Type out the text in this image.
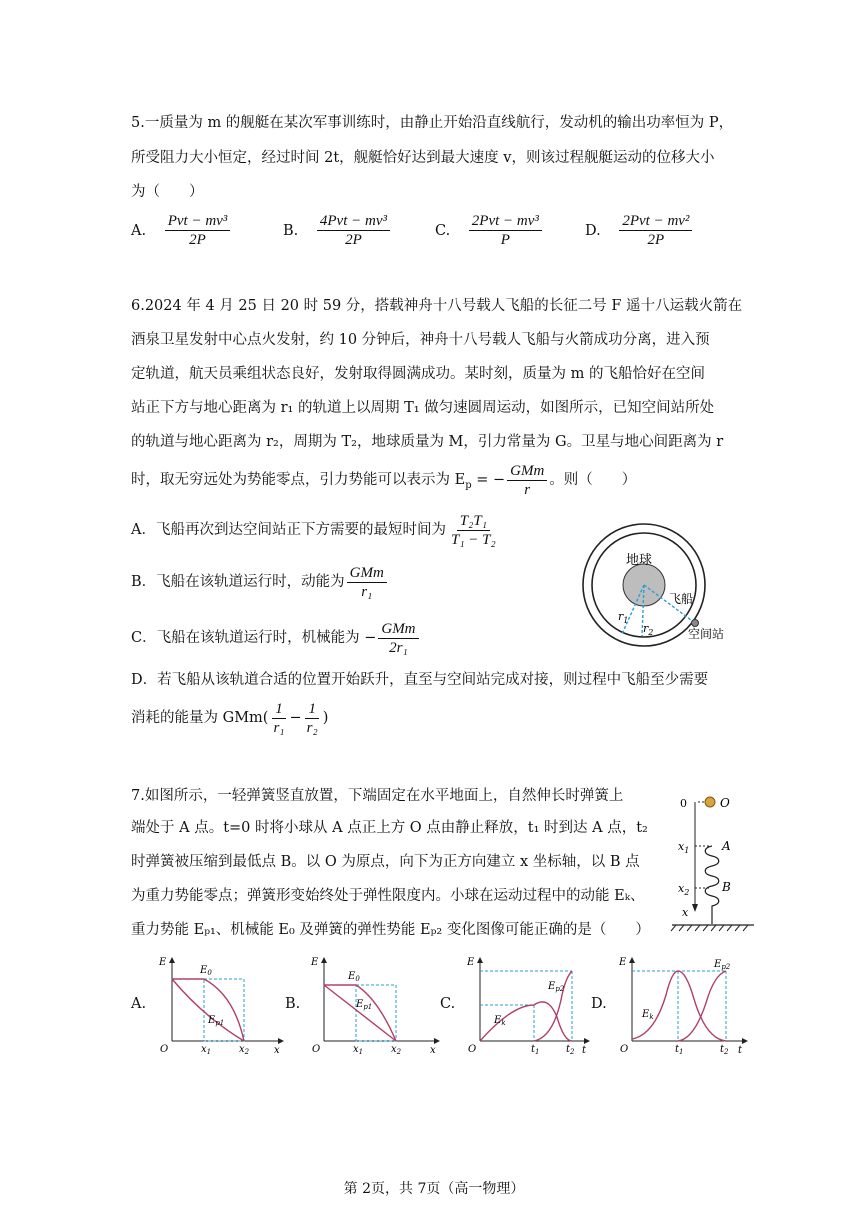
5.一质量为 m 的舰艇在某次军事训练时，由静止开始沿直线航行，发动机的输出功率恒为 P，
所受阻力大小恒定，经过时间 2t，舰艇恰好达到最大速度 v，则该过程舰艇运动的位移大小
为（　　）
A. $\frac{\text{Pvt − mv³}}{2P}$	B. $\frac{\text{4Pvt − mv³}}{2P}$	C. $\frac{\text{2Pvt − mv³}}{P}$	D. $\frac{\text{2Pvt − mv²}}{2P}$
6.2024 年 4 月 25 日 20 时 59 分，搭载神舟十八号载人飞船的长征二号 F 遥十八运载火箭在
酒泉卫星发射中心点火发射，约 10 分钟后，神舟十八号载人飞船与火箭成功分离，进入预
定轨道，航天员乘组状态良好，发射取得圆满成功。某时刻，质量为 m 的飞船恰好在空间
站正下方与地心距离为 r₁ 的轨道上以周期 T₁ 做匀速圆周运动，如图所示，已知空间站所处
的轨道与地心距离为 r₂，周期为 T₂，地球质量为 M，引力常量为 G。卫星与地心间距离为 r
时，取无穷远处为势能零点，引力势能可以表示为 $E_p$ = − $\frac{\text{GMm}}{r}$ 。则（　　）
A．飞船再次到达空间站正下方需要的最短时间为 $\frac{\text{T₂T₁}}{\text{T₁ − T₂}}$
B．飞船在该轨道运行时，动能为 $\frac{\text{GMm}}{\text{r₁}}$
C．飞船在该轨道运行时，机械能为 − $\frac{\text{GMm}}{\text{2r₁}}$
D．若飞船从该轨道合适的位置开始跃升，直至与空间站完成对接，则过程中飞船至少需要
消耗的能量为 $GMm( \frac{1}{\text{r₁}} - \frac{1}{\text{r₂}}$ )
地球
飞船
空间站
$r_1$
$r_2$
7.如图所示，一轻弹簧竖直放置，下端固定在水平地面上，自然伸长时弹簧上
端处于 A 点。t=0 时将小球从 A 点正上方 O 点由静止释放，t₁ 时到达 A 点，t₂
时弹簧被压缩到最低点 B。以 O 为原点，向下为正方向建立 x 坐标轴，以 B 点
为重力势能零点；弹簧形变始终处于弹性限度内。小球在运动过程中的动能 Eₖ、
重力势能 Eₚ₁、机械能 E₀ 及弹簧的弹性势能 Eₚ₂ 变化图像可能正确的是（　　）
0	O
$x_1$
$x_2$
A
B
x
A.
E
O
$E_0$
$E_{p1}$
$x_1$	$x_2$ x
B.
E
O
$E_0$
$E_{p1}$
$x_1$	$x_2$	x
C.
E
O
$E_k$
$E_{p2}$
$t_1$	$t_2$ t
D.
E
O
$E_k$
$E_{p2}$
$t_1$	$t_2$ t
第 2页，共 7页（高一物理）
